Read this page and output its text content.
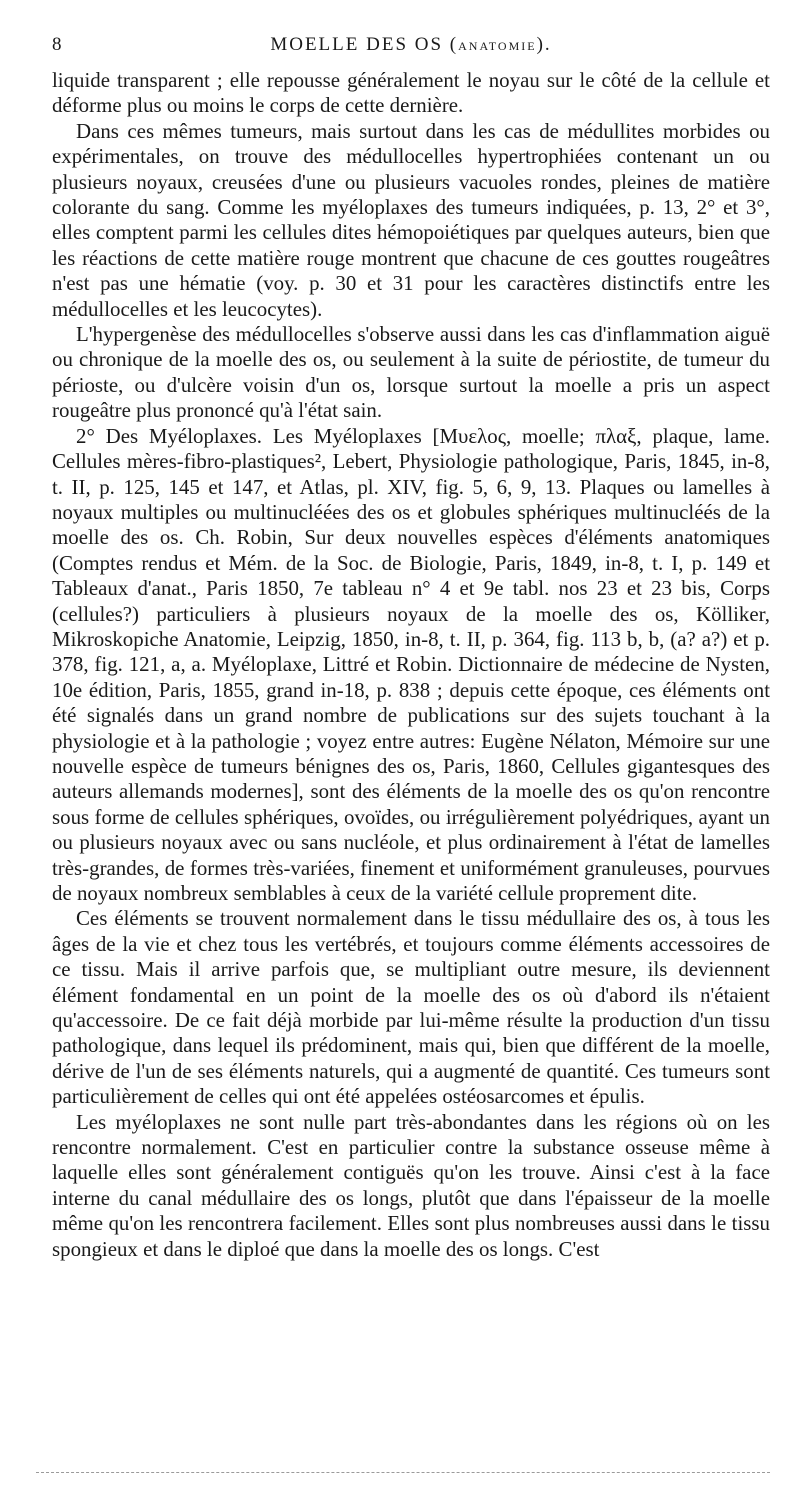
8	MOELLE DES OS (ANATOMIE).

liquide transparent ; elle repousse généralement le noyau sur le côté de la cellule et déforme plus ou moins le corps de cette dernière.

Dans ces mêmes tumeurs, mais surtout dans les cas de médullites morbides ou expérimentales, on trouve des médullocelles hypertrophiées contenant un ou plusieurs noyaux, creusées d'une ou plusieurs vacuoles rondes, pleines de matière colorante du sang. Comme les myéloplaxes des tumeurs indiquées, p. 13, 2° et 3°, elles comptent parmi les cellules dites hémopoiétiques par quelques auteurs, bien que les réactions de cette matière rouge montrent que chacune de ces gouttes rougeâtres n'est pas une hématie (voy. p. 30 et 31 pour les caractères distinctifs entre les médullocelles et les leucocytes).

L'hypergenèse des médullocelles s'observe aussi dans les cas d'inflammation aiguë ou chronique de la moelle des os, ou seulement à la suite de périostite, de tumeur du périoste, ou d'ulcère voisin d'un os, lorsque surtout la moelle a pris un aspect rougeâtre plus prononcé qu'à l'état sain.

2° Des Myéloplaxes. Les Myéloplaxes [Μυελος, moelle; πλαξ, plaque, lame. Cellules mères-fibro-plastiques², Lebert, Physiologie pathologique, Paris, 1845, in-8, t. II, p. 125, 145 et 147, et Atlas, pl. XIV, fig. 5, 6, 9, 13. Plaques ou lamelles à noyaux multiples ou multinucléées des os et globules sphériques multinucléés de la moelle des os. Ch. Robin, Sur deux nouvelles espèces d'éléments anatomiques (Comptes rendus et Mém. de la Soc. de Biologie, Paris, 1849, in-8, t. I, p. 149 et Tableaux d'anat., Paris 1850, 7e tableau n° 4 et 9e tabl. nos 23 et 23 bis, Corps (cellules?) particuliers à plusieurs noyaux de la moelle des os, Kölliker, Mikroskopiche Anatomie, Leipzig, 1850, in-8, t. II, p. 364, fig. 113 b, b, (a? a?) et p. 378, fig. 121, a, a. Myéloplaxe, Littré et Robin. Dictionnaire de médecine de Nysten, 10e édition, Paris, 1855, grand in-18, p. 838 ; depuis cette époque, ces éléments ont été signalés dans un grand nombre de publications sur des sujets touchant à la physiologie et à la pathologie ; voyez entre autres: Eugène Nélaton, Mémoire sur une nouvelle espèce de tumeurs bénignes des os, Paris, 1860, Cellules gigantesques des auteurs allemands modernes], sont des éléments de la moelle des os qu'on rencontre sous forme de cellules sphériques, ovoïdes, ou irrégulièrement polyédriques, ayant un ou plusieurs noyaux avec ou sans nucléole, et plus ordinairement à l'état de lamelles très-grandes, de formes très-variées, finement et uniformément granuleuses, pourvues de noyaux nombreux semblables à ceux de la variété cellule proprement dite.

Ces éléments se trouvent normalement dans le tissu médullaire des os, à tous les âges de la vie et chez tous les vertébrés, et toujours comme éléments accessoires de ce tissu. Mais il arrive parfois que, se multipliant outre mesure, ils deviennent élément fondamental en un point de la moelle des os où d'abord ils n'étaient qu'accessoire. De ce fait déjà morbide par lui-même résulte la production d'un tissu pathologique, dans lequel ils prédominent, mais qui, bien que différent de la moelle, dérive de l'un de ses éléments naturels, qui a augmenté de quantité. Ces tumeurs sont particulièrement de celles qui ont été appelées ostéosarcomes et épulis.

Les myéloplaxes ne sont nulle part très-abondantes dans les régions où on les rencontre normalement. C'est en particulier contre la substance osseuse même à laquelle elles sont généralement contiguës qu'on les trouve. Ainsi c'est à la face interne du canal médullaire des os longs, plutôt que dans l'épaisseur de la moelle même qu'on les rencontrera facilement. Elles sont plus nombreuses aussi dans le tissu spongieux et dans le diploé que dans la moelle des os longs. C'est
